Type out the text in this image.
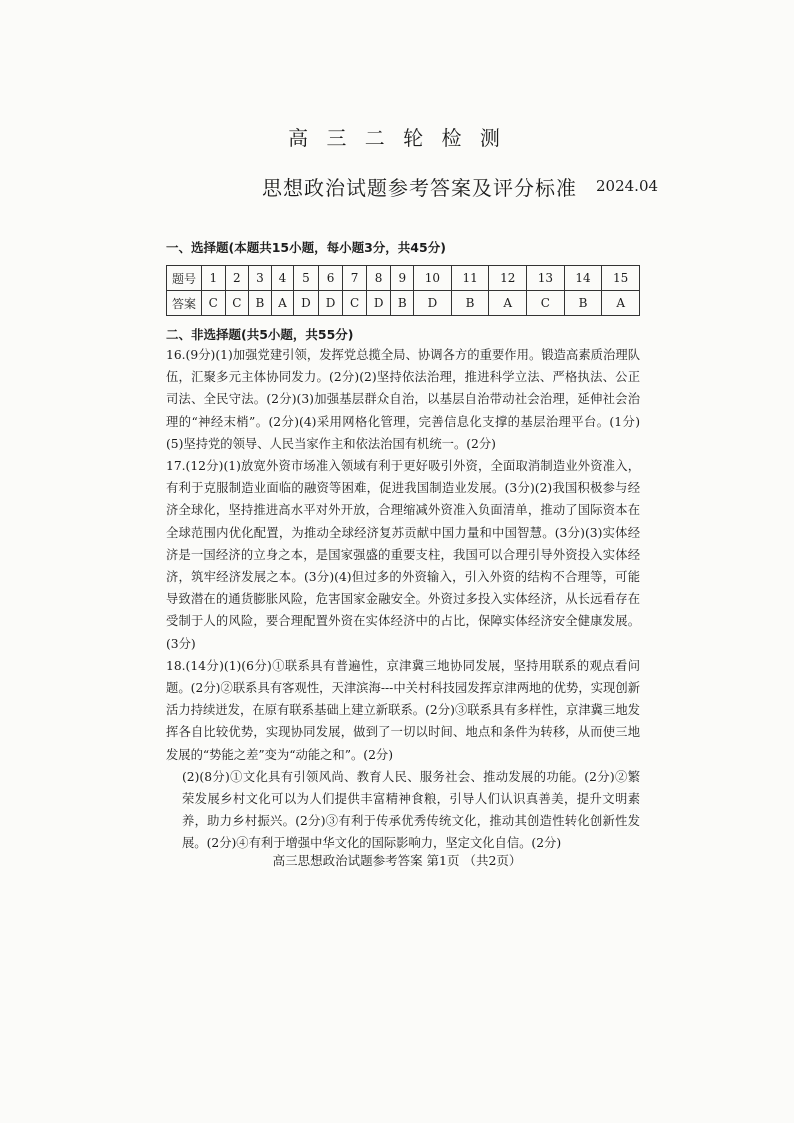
高 三 二 轮 检 测
思想政治试题参考答案及评分标准 2024.04
一、选择题(本题共15小题，每小题3分，共45分)
题号	1	2	3	4	5	6	7	8	9	10	11	12	13	14	15
答案	C	C	B	A	D	D	C	D	B	D	B	A	C	B	A
二、非选择题(共5小题，共55分)

16.(9分)(1)加强党建引领，发挥党总揽全局、协调各方的重要作用。锻造高素质治理队伍，汇聚多元主体协同发力。(2分)(2)坚持依法治理，推进科学立法、严格执法、公正司法、全民守法。(2分)(3)加强基层群众自治，以基层自治带动社会治理，延伸社会治理的“神经末梢”。(2分)(4)采用网格化管理，完善信息化支撑的基层治理平台。(1分)(5)坚持党的领导、人民当家作主和依法治国有机统一。(2分)

17.(12分)(1)放宽外资市场准入领域有利于更好吸引外资，全面取消制造业外资准入，有利于克服制造业面临的融资等困难，促进我国制造业发展。(3分)(2)我国积极参与经济全球化，坚持推进高水平对外开放，合理缩减外资准入负面清单，推动了国际资本在全球范围内优化配置，为推动全球经济复苏贡献中国力量和中国智慧。(3分)(3)实体经济是一国经济的立身之本，是国家强盛的重要支柱，我国可以合理引导外资投入实体经济，筑牢经济发展之本。(3分)(4)但过多的外资输入，引入外资的结构不合理等，可能导致潜在的通货膨胀风险，危害国家金融安全。外资过多投入实体经济，从长远看存在受制于人的风险，要合理配置外资在实体经济中的占比，保障实体经济安全健康发展。(3分)

18.(14分)(1)(6分)①联系具有普遍性，京津冀三地协同发展，坚持用联系的观点看问题。(2分)②联系具有客观性，天津滨海---中关村科技园发挥京津两地的优势，实现创新活力持续迸发，在原有联系基础上建立新联系。(2分)③联系具有多样性，京津冀三地发挥各自比较优势，实现协同发展，做到了一切以时间、地点和条件为转移，从而使三地发展的“势能之差”变为“动能之和”。(2分)

(2)(8分)①文化具有引领风尚、教育人民、服务社会、推动发展的功能。(2分)②繁荣发展乡村文化可以为人们提供丰富精神食粮，引导人们认识真善美，提升文明素养，助力乡村振兴。(2分)③有利于传承优秀传统文化，推动其创造性转化创新性发展。(2分)④有利于增强中华文化的国际影响力，坚定文化自信。(2分)

高三思想政治试题参考答案 第1页 （共2页）
